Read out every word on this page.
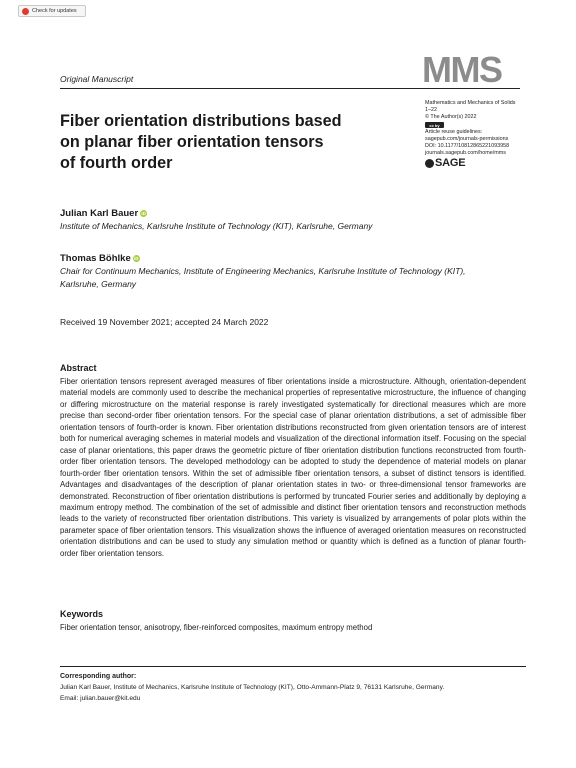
Check for updates
Original Manuscript	MMS
Mathematics and Mechanics of Solids
1–22
© The Author(s) 2022
cc by
Article reuse guidelines:
sagepub.com/journals-permissions
DOI: 10.1177/10812865221093958
journals.sagepub.com/home/mms
SAGE
Fiber orientation distributions based
on planar fiber orientation tensors
of fourth order
Julian Karl Bauer iD
Institute of Mechanics, Karlsruhe Institute of Technology (KIT), Karlsruhe, Germany
Thomas Böhlke iD
Chair for Continuum Mechanics, Institute of Engineering Mechanics, Karlsruhe Institute of Technology (KIT), Karlsruhe, Germany
Received 19 November 2021; accepted 24 March 2022
Abstract
Fiber orientation tensors represent averaged measures of fiber orientations inside a microstructure. Although, orientation-dependent material models are commonly used to describe the mechanical properties of representative microstructure, the influence of changing or differing microstructure on the material response is rarely investigated systematically for directional measures which are more precise than second-order fiber orientation tensors. For the special case of planar orientation distributions, a set of admissible fiber orientation tensors of fourth-order is known. Fiber orientation distributions reconstructed from given orientation tensors are of interest both for numerical averaging schemes in material models and visualization of the directional information itself. Focusing on the special case of planar orientations, this paper draws the geometric picture of fiber orientation distribution functions reconstructed from fourth-order fiber orientation tensors. The developed methodology can be adopted to study the dependence of material models on planar fourth-order fiber orientation tensors. Within the set of admissible fiber orientation tensors, a subset of distinct tensors is identified. Advantages and disadvantages of the description of planar orientation states in two- or three-dimensional tensor frameworks are demonstrated. Reconstruction of fiber orientation distributions is performed by truncated Fourier series and additionally by deploying a maximum entropy method. The combination of the set of admissible and distinct fiber orientation tensors and reconstruction methods leads to the variety of reconstructed fiber orientation distributions. This variety is visualized by arrangements of polar plots within the parameter space of fiber orientation tensors. This visualization shows the influence of averaged orientation measures on reconstructed orientation distributions and can be used to study any simulation method or quantity which is defined as a function of planar fourth-order fiber orientation tensors.
Keywords
Fiber orientation tensor, anisotropy, fiber-reinforced composites, maximum entropy method
Corresponding author:
Julian Karl Bauer, Institute of Mechanics, Karlsruhe Institute of Technology (KIT), Otto-Ammann-Platz 9, 76131 Karlsruhe, Germany.
Email: julian.bauer@kit.edu
